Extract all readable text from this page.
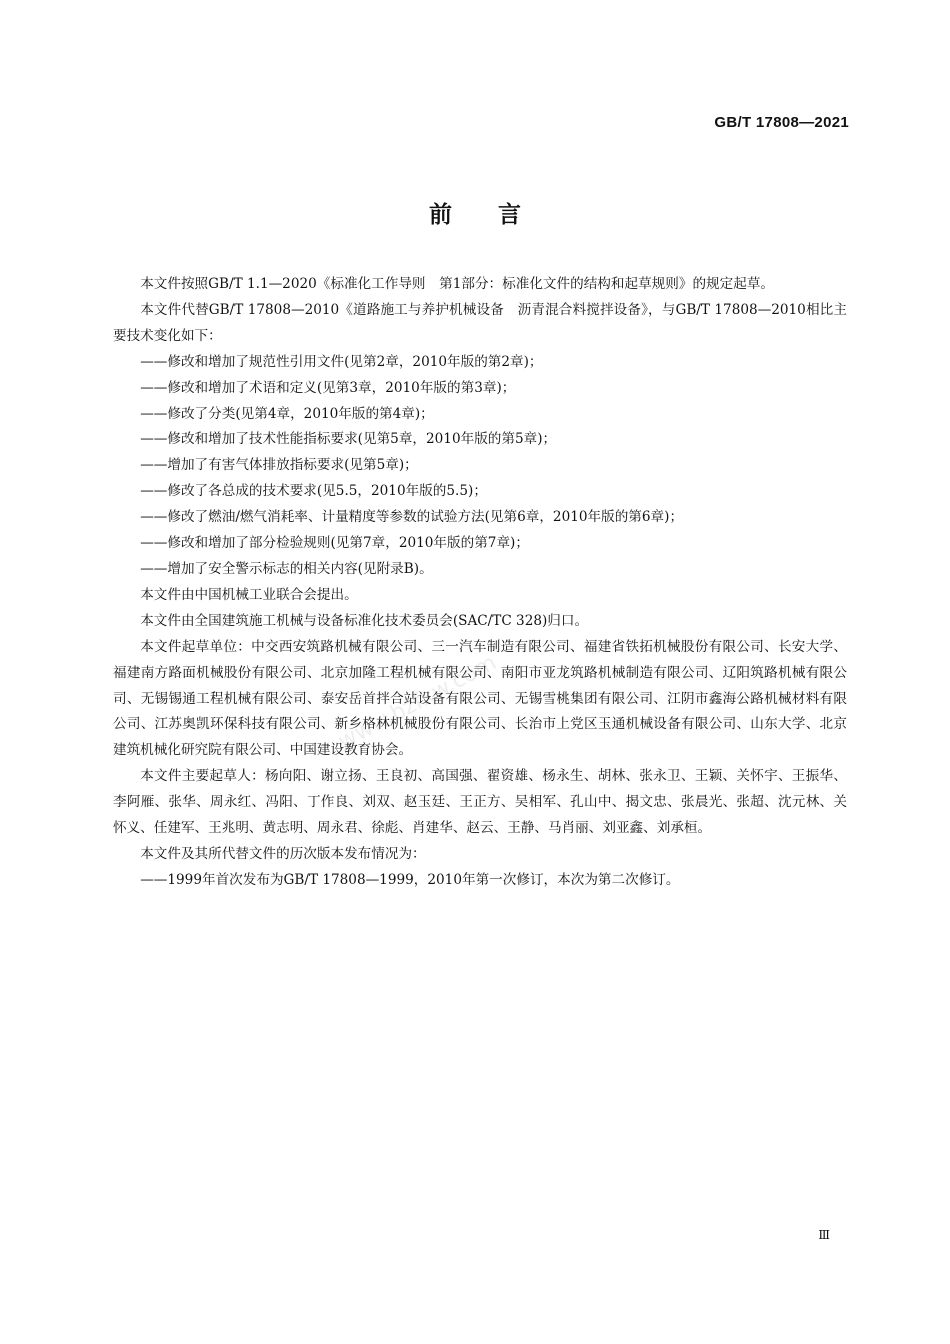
GB/T 17808—2021
前言
www.bzfxw.com

本文件按照GB/T 1.1—2020《标准化工作导则　第1部分：标准化文件的结构和起草规则》的规定起草。

本文件代替GB/T 17808—2010《道路施工与养护机械设备　沥青混合料搅拌设备》，与GB/T 17808—2010相比主要技术变化如下：

——修改和增加了规范性引用文件(见第2章，2010年版的第2章)；

——修改和增加了术语和定义(见第3章，2010年版的第3章)；

——修改了分类(见第4章，2010年版的第4章)；

——修改和增加了技术性能指标要求(见第5章，2010年版的第5章)；

——增加了有害气体排放指标要求(见第5章)；

——修改了各总成的技术要求(见5.5，2010年版的5.5)；

——修改了燃油/燃气消耗率、计量精度等参数的试验方法(见第6章，2010年版的第6章)；

——修改和增加了部分检验规则(见第7章，2010年版的第7章)；

——增加了安全警示标志的相关内容(见附录B)。

本文件由中国机械工业联合会提出。

本文件由全国建筑施工机械与设备标准化技术委员会(SAC/TC 328)归口。

本文件起草单位：中交西安筑路机械有限公司、三一汽车制造有限公司、福建省铁拓机械股份有限公司、长安大学、福建南方路面机械股份有限公司、北京加隆工程机械有限公司、南阳市亚龙筑路机械制造有限公司、辽阳筑路机械有限公司、无锡锡通工程机械有限公司、泰安岳首拌合站设备有限公司、无锡雪桃集团有限公司、江阴市鑫海公路机械材料有限公司、江苏奥凯环保科技有限公司、新乡格林机械股份有限公司、长治市上党区玉通机械设备有限公司、山东大学、北京建筑机械化研究院有限公司、中国建设教育协会。

本文件主要起草人：杨向阳、谢立扬、王良初、高国强、翟资雄、杨永生、胡林、张永卫、王颖、关怀宇、王振华、李阿雁、张华、周永红、冯阳、丁作良、刘双、赵玉廷、王正方、吴相军、孔山中、揭文忠、张晨光、张超、沈元林、关怀义、任建军、王兆明、黄志明、周永君、徐彪、肖建华、赵云、王静、马肖丽、刘亚鑫、刘承桓。

本文件及其所代替文件的历次版本发布情况为：

——1999年首次发布为GB/T 17808—1999，2010年第一次修订，本次为第二次修订。

Ⅲ
